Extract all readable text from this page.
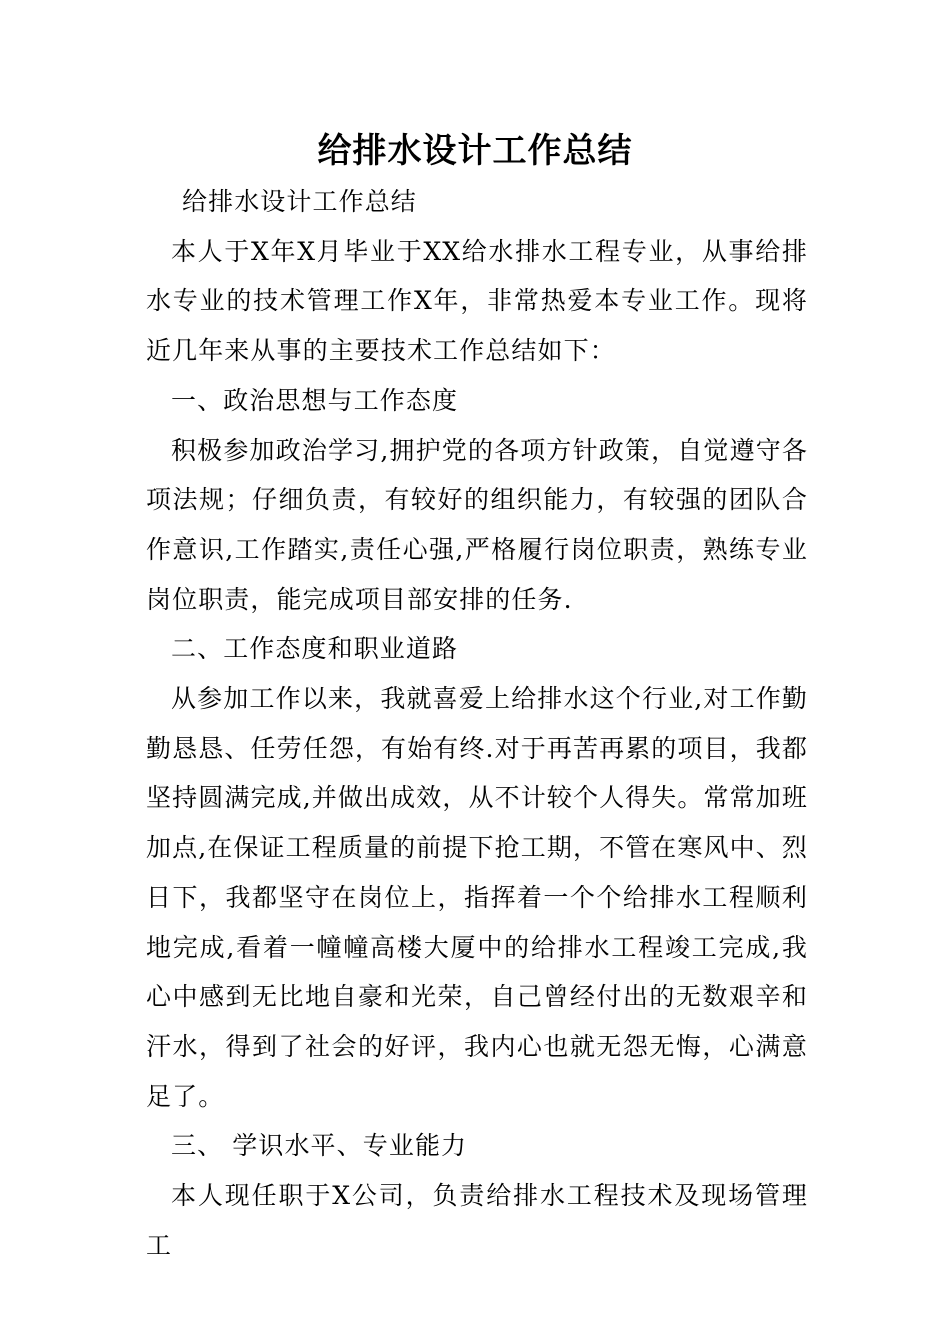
给排水设计工作总结

给排水设计工作总结

本人于X年X月毕业于XX给水排水工程专业，从事给排水专业的技术管理工作X年，非常热爱本专业工作。现将近几年来从事的主要技术工作总结如下：

一、政治思想与工作态度

积极参加政治学习,拥护党的各项方针政策，自觉遵守各项法规；仔细负责，有较好的组织能力，有较强的团队合作意识,工作踏实,责任心强,严格履行岗位职责，熟练专业岗位职责，能完成项目部安排的任务.

二、工作态度和职业道路

从参加工作以来，我就喜爱上给排水这个行业,对工作勤勤恳恳、任劳任怨，有始有终.对于再苦再累的项目，我都坚持圆满完成,并做出成效，从不计较个人得失。常常加班加点,在保证工程质量的前提下抢工期，不管在寒风中、烈日下，我都坚守在岗位上，指挥着一个个给排水工程顺利地完成,看着一幢幢高楼大厦中的给排水工程竣工完成,我心中感到无比地自豪和光荣，自己曾经付出的无数艰辛和汗水，得到了社会的好评，我内心也就无怨无悔，心满意足了。

三、 学识水平、专业能力

本人现任职于X公司，负责给排水工程技术及现场管理工
